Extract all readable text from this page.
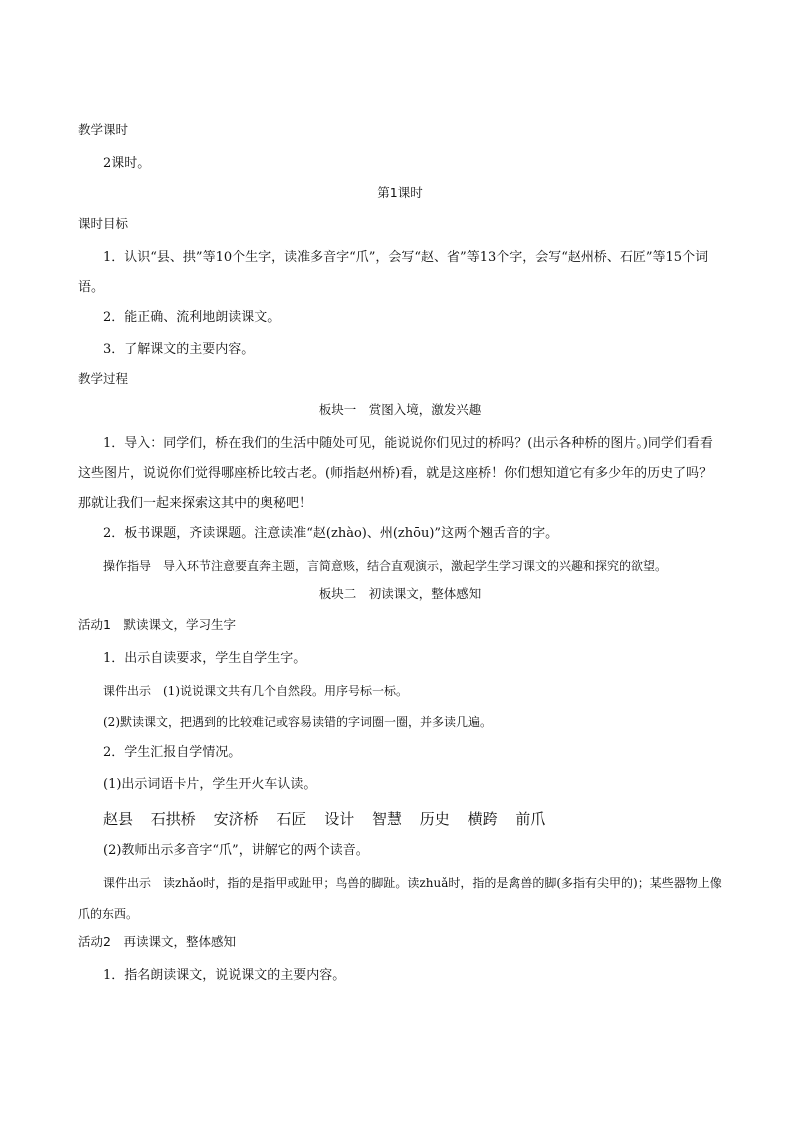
教学课时

2课时。

第1课时

课时目标

1．认识“县、拱”等10个生字，读准多音字“爪”，会写“赵、省”等13个字，会写“赵州桥、石匠”等15个词语。

2．能正确、流利地朗读课文。

3．了解课文的主要内容。

教学过程

板块一　赏图入境，激发兴趣

1．导入：同学们，桥在我们的生活中随处可见，能说说你们见过的桥吗？(出示各种桥的图片。)同学们看看这些图片，说说你们觉得哪座桥比较古老。(师指赵州桥)看，就是这座桥！你们想知道它有多少年的历史了吗？那就让我们一起来探索这其中的奥秘吧！

2．板书课题，齐读课题。注意读准“赵(zhào)、州(zhōu)”这两个翘舌音的字。

操作指导　导入环节注意要直奔主题，言简意赅，结合直观演示，激起学生学习课文的兴趣和探究的欲望。

板块二　初读课文，整体感知

活动1　默读课文，学习生字

1．出示自读要求，学生自学生字。

课件出示　(1)说说课文共有几个自然段。用序号标一标。

(2)默读课文，把遇到的比较难记或容易读错的字词圈一圈，并多读几遍。

2．学生汇报自学情况。

(1)出示词语卡片，学生开火车认读。

赵县 石拱桥 安济桥 石匠 设计 智慧 历史 横跨 前爪

(2)教师出示多音字“爪”，讲解它的两个读音。

课件出示　读zhǎo时，指的是指甲或趾甲；鸟兽的脚趾。读zhuǎ时，指的是禽兽的脚(多指有尖甲的)；某些器物上像爪的东西。

活动2　再读课文，整体感知

1．指名朗读课文，说说课文的主要内容。
